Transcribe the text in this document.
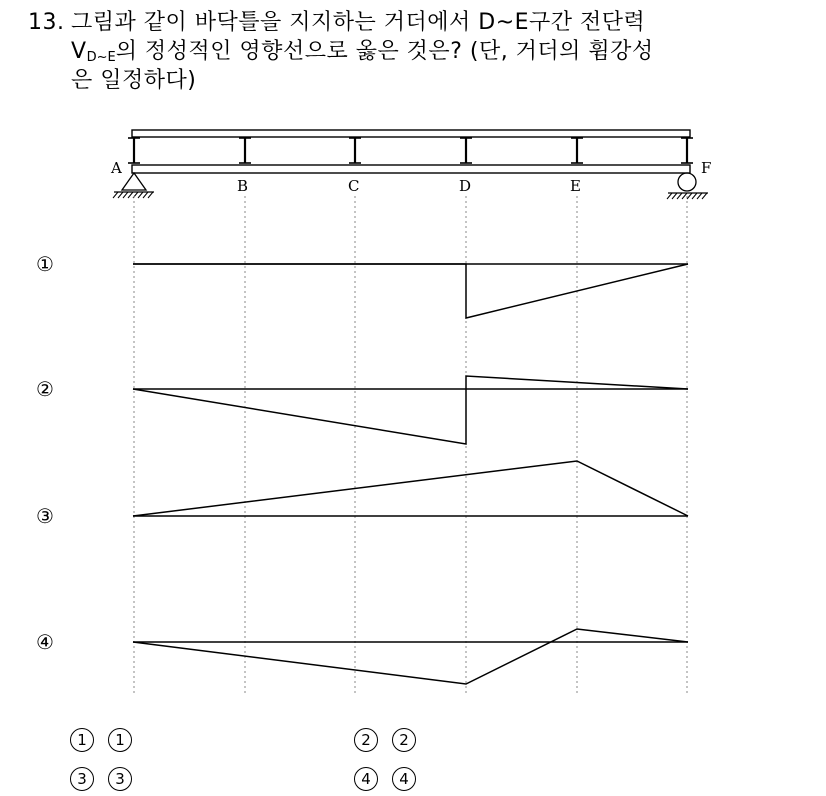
13. 그림과 같이 바닥틀을 지지하는 거더에서 D~E구간 전단력
VD~E의 정성적인 영향선으로 옳은 것은? (단, 거더의 휨강성
은 일정하다)
A
B	C	D	E
F
①
②
③
④
1 1	2 2
3 3	4 4
